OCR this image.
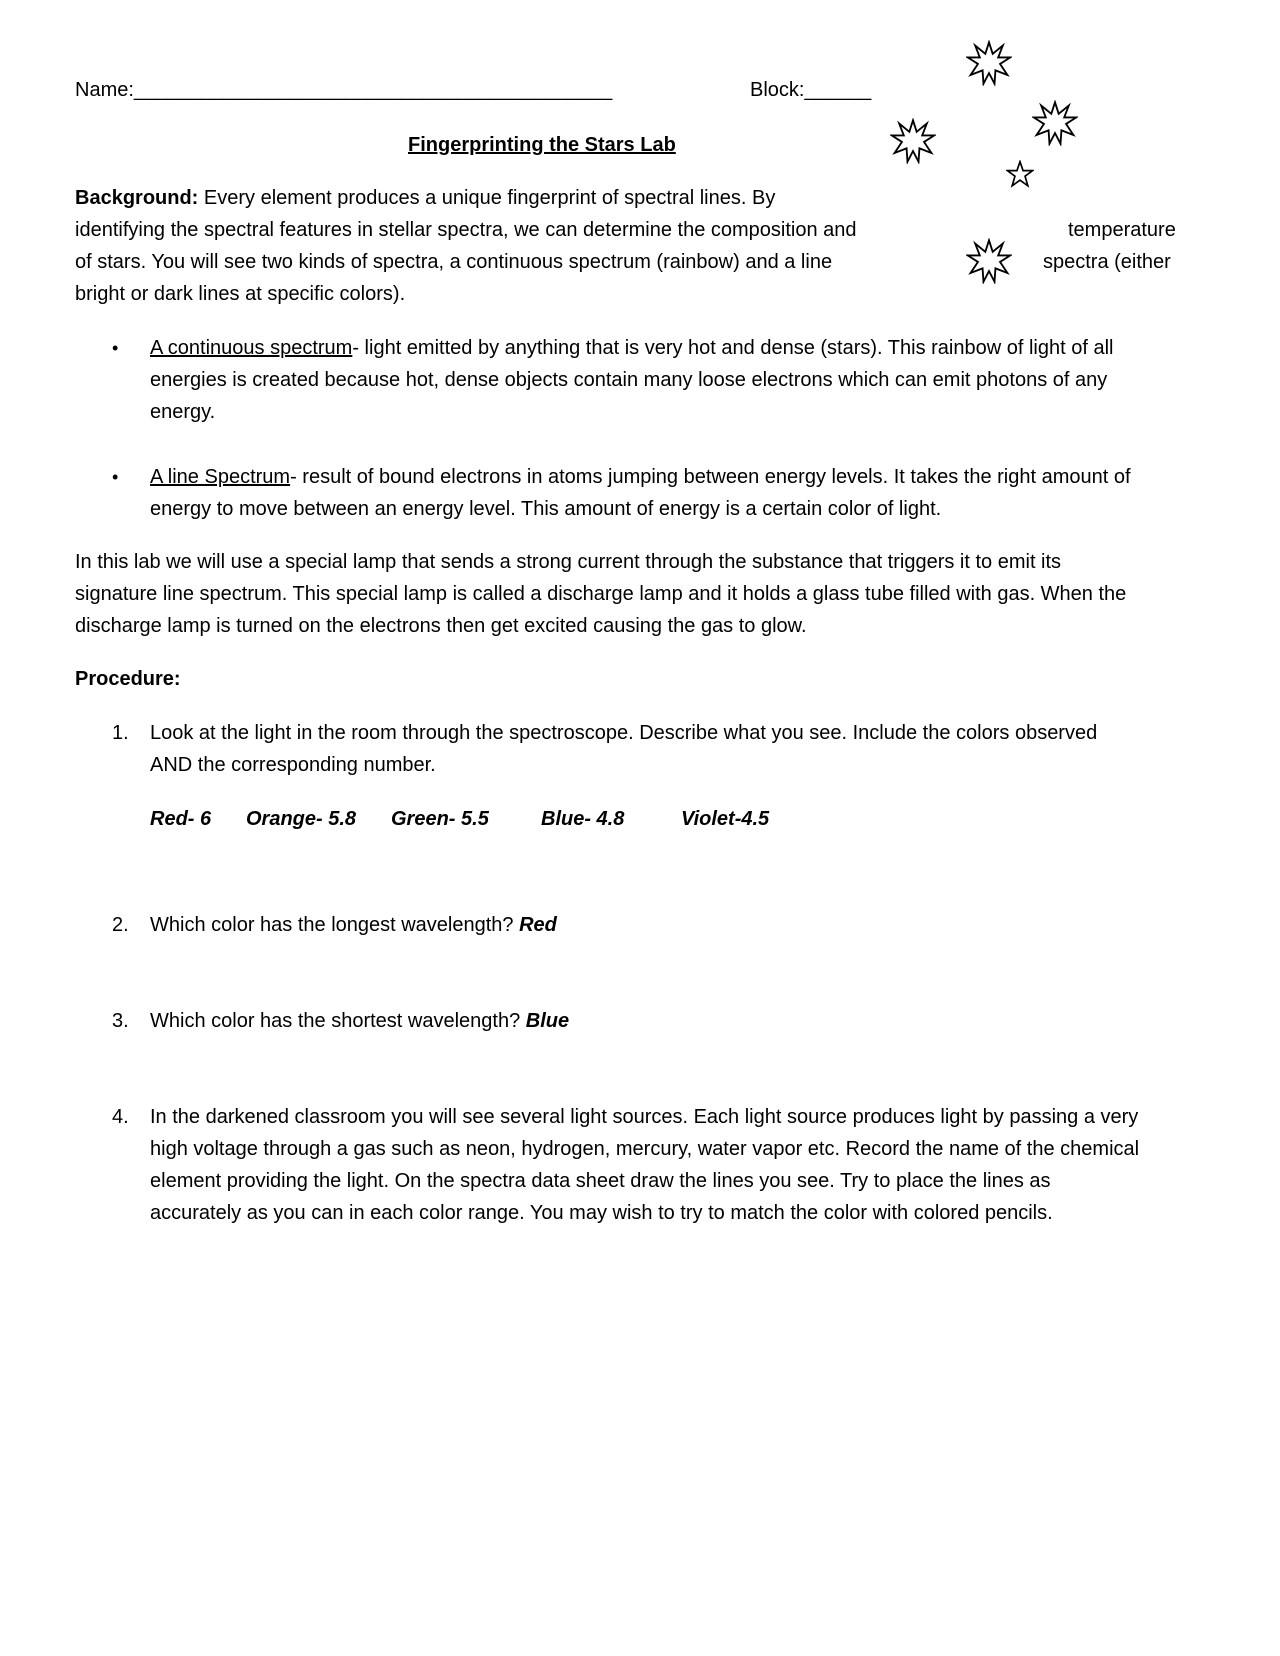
Name:___________________________________________	Block:______
Fingerprinting the Stars Lab
Background: Every element produces a unique fingerprint of spectral lines. By
identifying the spectral features in stellar spectra, we can determine the composition and	temperature
of stars. You will see two kinds of spectra, a continuous spectrum (rainbow) and a line	spectra (either
bright or dark lines at specific colors).
• A continuous spectrum- light emitted by anything that is very hot and dense (stars). This rainbow of light of all
energies is created because hot, dense objects contain many loose electrons which can emit photons of any
energy.
• A line Spectrum- result of bound electrons in atoms jumping between energy levels. It takes the right amount of
energy to move between an energy level. This amount of energy is a certain color of light.
In this lab we will use a special lamp that sends a strong current through the substance that triggers it to emit its
signature line spectrum. This special lamp is called a discharge lamp and it holds a glass tube filled with gas. When the
discharge lamp is turned on the electrons then get excited causing the gas to glow.
Procedure:
1. Look at the light in the room through the spectroscope. Describe what you see. Include the colors observed
AND the corresponding number.
Red- 6 Orange- 5.8 Green- 5.5	Blue- 4.8	Violet-4.5
2. Which color has the longest wavelength? Red
3. Which color has the shortest wavelength? Blue
4. In the darkened classroom you will see several light sources. Each light source produces light by passing a very
high voltage through a gas such as neon, hydrogen, mercury, water vapor etc. Record the name of the chemical
element providing the light. On the spectra data sheet draw the lines you see. Try to place the lines as
accurately as you can in each color range. You may wish to try to match the color with colored pencils.
